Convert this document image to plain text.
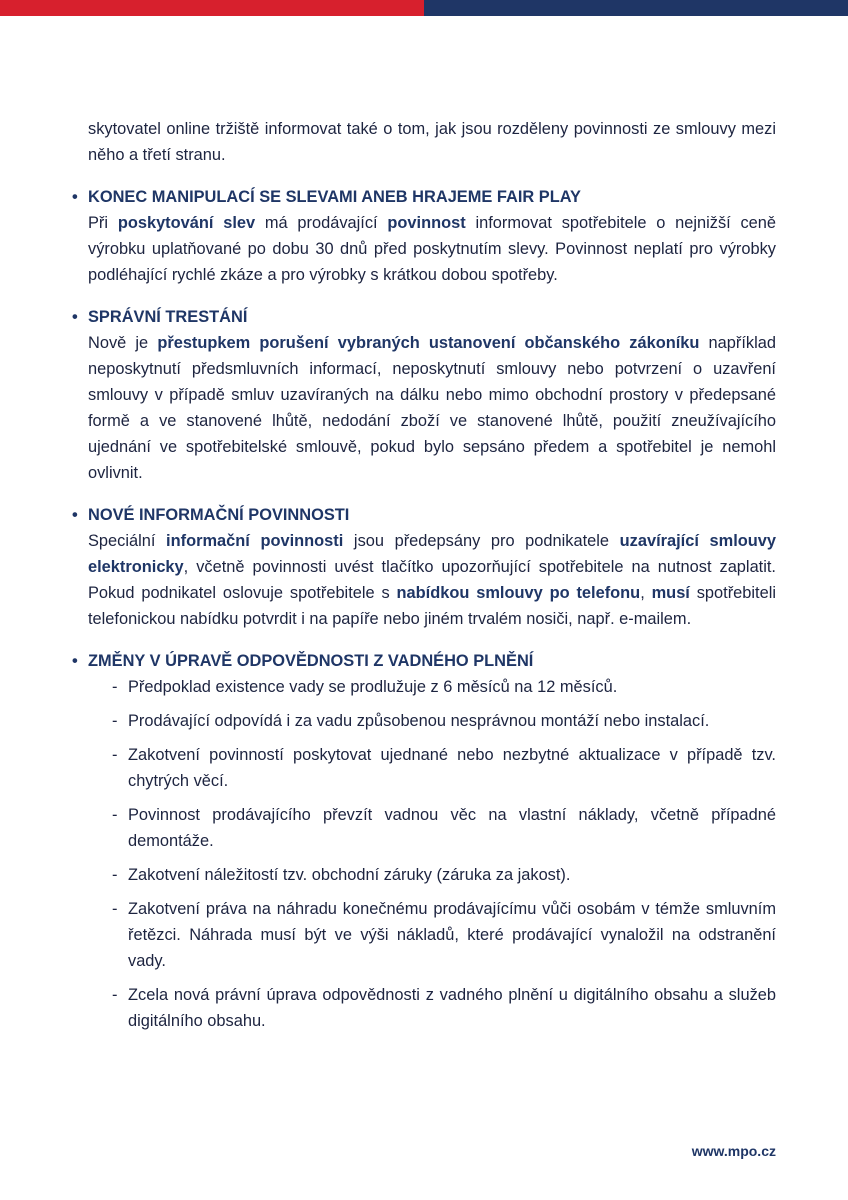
skytovatel online tržiště informovat také o tom, jak jsou rozděleny povinnosti ze smlouvy mezi něho a třetí stranu.

• KONEC MANIPULACÍ SE SLEVAMI ANEB HRAJEME FAIR PLAY
Při poskytování slev má prodávající povinnost informovat spotřebitele o nejnižší ceně výrobku uplatňované po dobu 30 dnů před poskytnutím slevy. Povinnost neplatí pro výrobky podléhající rychlé zkáze a pro výrobky s krátkou dobou spotřeby.
• SPRÁVNÍ TRESTÁNÍ
Nově je přestupkem porušení vybraných ustanovení občanského zákoníku například neposkytnutí předsmluvních informací, neposkytnutí smlouvy nebo potvrzení o uzavření smlouvy v případě smluv uzavíraných na dálku nebo mimo obchodní prostory v předepsané formě a ve stanovené lhůtě, nedodání zboží ve stanovené lhůtě, použití zneužívajícího ujednání ve spotřebitelské smlouvě, pokud bylo sepsáno předem a spotřebitel je nemohl ovlivnit.
• NOVÉ INFORMAČNÍ POVINNOSTI
Speciální informační povinnosti jsou předepsány pro podnikatele uzavírající smlouvy elektronicky, včetně povinnosti uvést tlačítko upozorňující spotřebitele na nutnost zaplatit. Pokud podnikatel oslovuje spotřebitele s nabídkou smlouvy po telefonu, musí spotřebiteli telefonickou nabídku potvrdit i na papíře nebo jiném trvalém nosiči, např. e-mailem.
• ZMĚNY V ÚPRAVĚ ODPOVĚDNOSTI Z VADNÉHO PLNĚNÍ
- Předpoklad existence vady se prodlužuje z 6 měsíců na 12 měsíců.
- Prodávající odpovídá i za vadu způsobenou nesprávnou montáží nebo instalací.
- Zakotvení povinností poskytovat ujednané nebo nezbytné aktualizace v případě tzv. chytrých věcí.
- Povinnost prodávajícího převzít vadnou věc na vlastní náklady, včetně případné demontáže.
- Zakotvení náležitostí tzv. obchodní záruky (záruka za jakost).
- Zakotvení práva na náhradu konečnému prodávajícímu vůči osobám v témže smluvním řetězci. Náhrada musí být ve výši nákladů, které prodávající vynaložil na odstranění vady.
- Zcela nová právní úprava odpovědnosti z vadného plnění u digitálního obsahu a služeb digitálního obsahu.
www.mpo.cz
